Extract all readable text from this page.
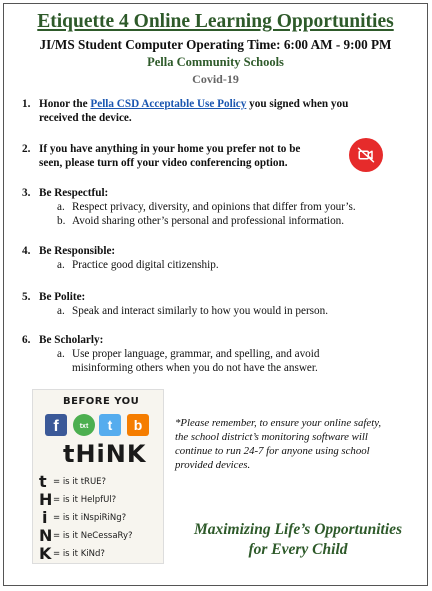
Etiquette 4 Online Learning Opportunities
JI/MS Student Computer Operating Time: 6:00 AM - 9:00 PM
Pella Community Schools
Covid-19
1. Honor the Pella CSD Acceptable Use Policy you signed when you
received the device.
2. If you have anything in your home you prefer not to be
seen, please turn off your video conferencing option.
3. Be Respectful:
a. Respect privacy, diversity, and opinions that differ from your’s.
b. Avoid sharing other’s personal and professional information.
4. Be Responsible:
a. Practice good digital citizenship.
5. Be Polite:
a. Speak and interact similarly to how you would in person.
6. Be Scholarly:
a. Use proper language, grammar, and spelling, and avoid
misinforming others when you do not have the answer.
BEFORE YOU
f	txt t b
tHiNK
t = is it tRUE?
H = is it HelpfUl?
i = is it iNspiRiNg?
N = is it NeCessaRy?
K = is it KiNd?
*Please remember, to ensure your online safety,
the school district’s monitoring software will
continue to run 24-7 for anyone using school
provided devices.
Maximizing Life’s Opportunities
for Every Child
